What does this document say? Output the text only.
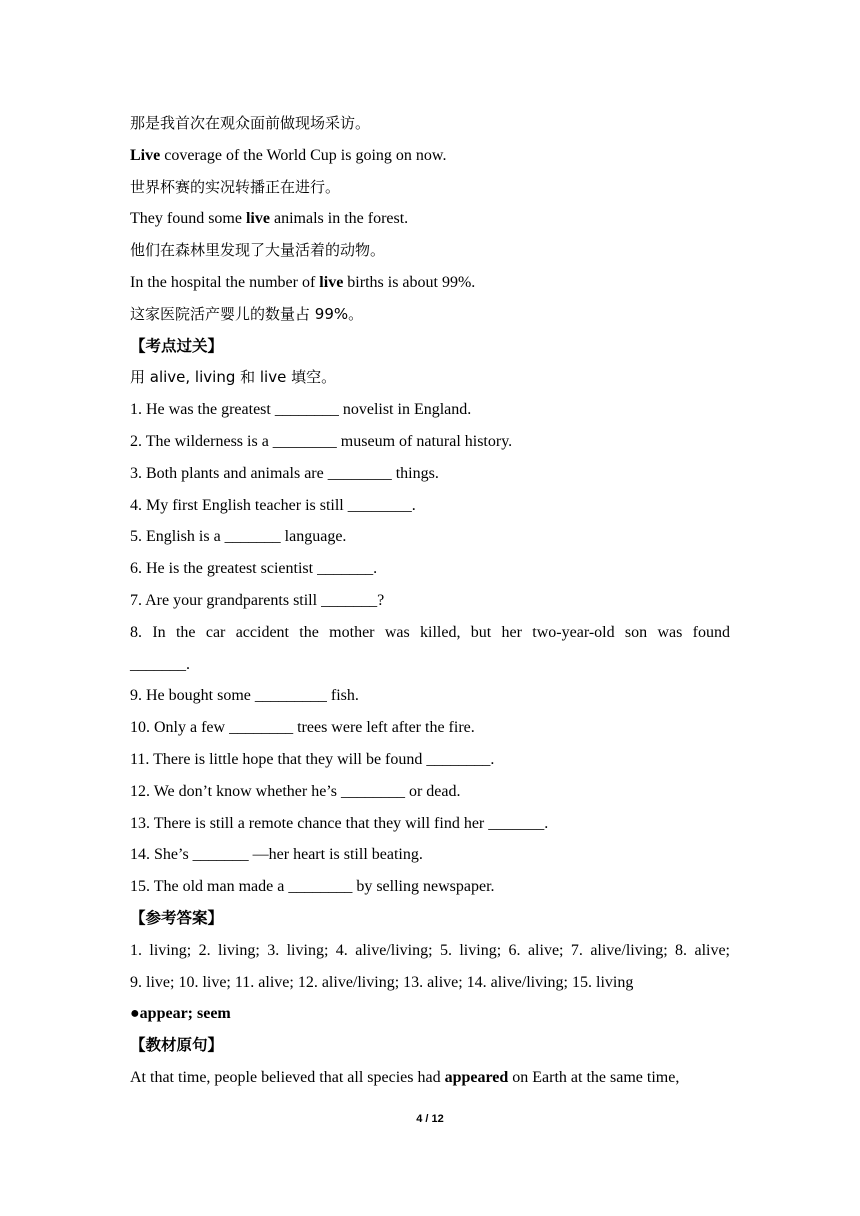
那是我首次在观众面前做现场采访。
Live coverage of the World Cup is going on now.
世界杯赛的实况转播正在进行。
They found some live animals in the forest.
他们在森林里发现了大量活着的动物。
In the hospital the number of live births is about 99%.
这家医院活产婴儿的数量占 99%。
【考点过关】
用 alive, living 和 live 填空。
1. He was the greatest ________ novelist in England.
2. The wilderness is a ________ museum of natural history.
3. Both plants and animals are ________ things.
4. My first English teacher is still ________.
5. English is a _______ language.
6. He is the greatest scientist _______.
7. Are your grandparents still _______?
8. In the car accident the mother was killed, but her two-year-old son was found
_______.
9. He bought some _________ fish.
10. Only a few ________ trees were left after the fire.
11. There is little hope that they will be found ________.
12. We don’t know whether he’s ________ or dead.
13. There is still a remote chance that they will find her _______.
14. She’s _______ —her heart is still beating.
15. The old man made a ________ by selling newspaper.
【参考答案】
1. living; 2. living; 3. living; 4. alive/living; 5. living; 6. alive; 7. alive/living; 8. alive;
9. live; 10. live; 11. alive; 12. alive/living; 13. alive; 14. alive/living; 15. living
●appear; seem
【教材原句】
At that time, people believed that all species had appeared on Earth at the same time,
4 / 12
